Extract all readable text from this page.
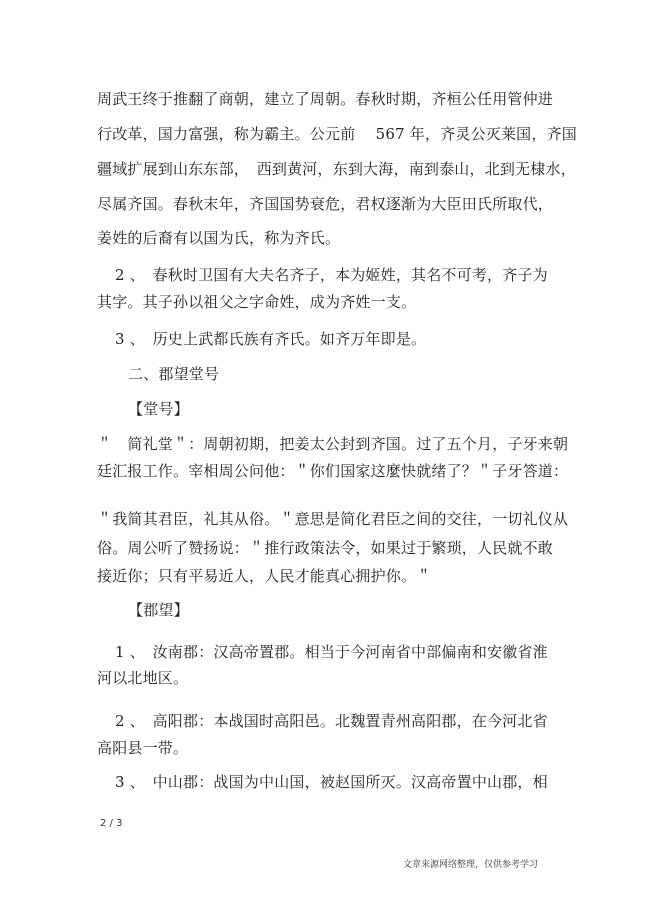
周武王终于推翻了商朝，建立了周朝。春秋时期，齐桓公任用管仲进
行改革，国力富强，称为霸主。公元前　 567 年，齐灵公灭莱国，齐国
疆域扩展到山东东部，　西到黄河，东到大海，南到泰山，北到无棣水，
尽属齐国。春秋末年，齐国国势衰危，君权逐渐为大臣田氏所取代，
姜姓的后裔有以国为氏，称为齐氏。
2 、　春秋时卫国有大夫名齐子，本为姬姓，其名不可考，齐子为
其字。其子孙以祖父之字命姓，成为齐姓一支。
3 、　历史上武都氏族有齐氏。如齐万年即是。
二、郡望堂号
【堂号】
＂　简礼堂＂：周朝初期，把姜太公封到齐国。过了五个月，子牙来朝
廷汇报工作。宰相周公问他：＂你们国家这麼快就绪了？＂子牙答道：
＂我简其君臣，礼其从俗。＂意思是简化君臣之间的交往，一切礼仪从
俗。周公听了赞扬说：＂推行政策法令，如果过于繁琐，人民就不敢
接近你；只有平易近人，人民才能真心拥护你。＂
【郡望】
1 、　汝南郡：汉高帝置郡。相当于今河南省中部偏南和安徽省淮
河以北地区。
2 、　高阳郡：本战国时高阳邑。北魏置青州高阳郡，在今河北省
高阳县一带。
3 、　中山郡：战国为中山国，被赵国所灭。汉高帝置中山郡，相
2 / 3
文章来源网络整理，仅供参考学习
